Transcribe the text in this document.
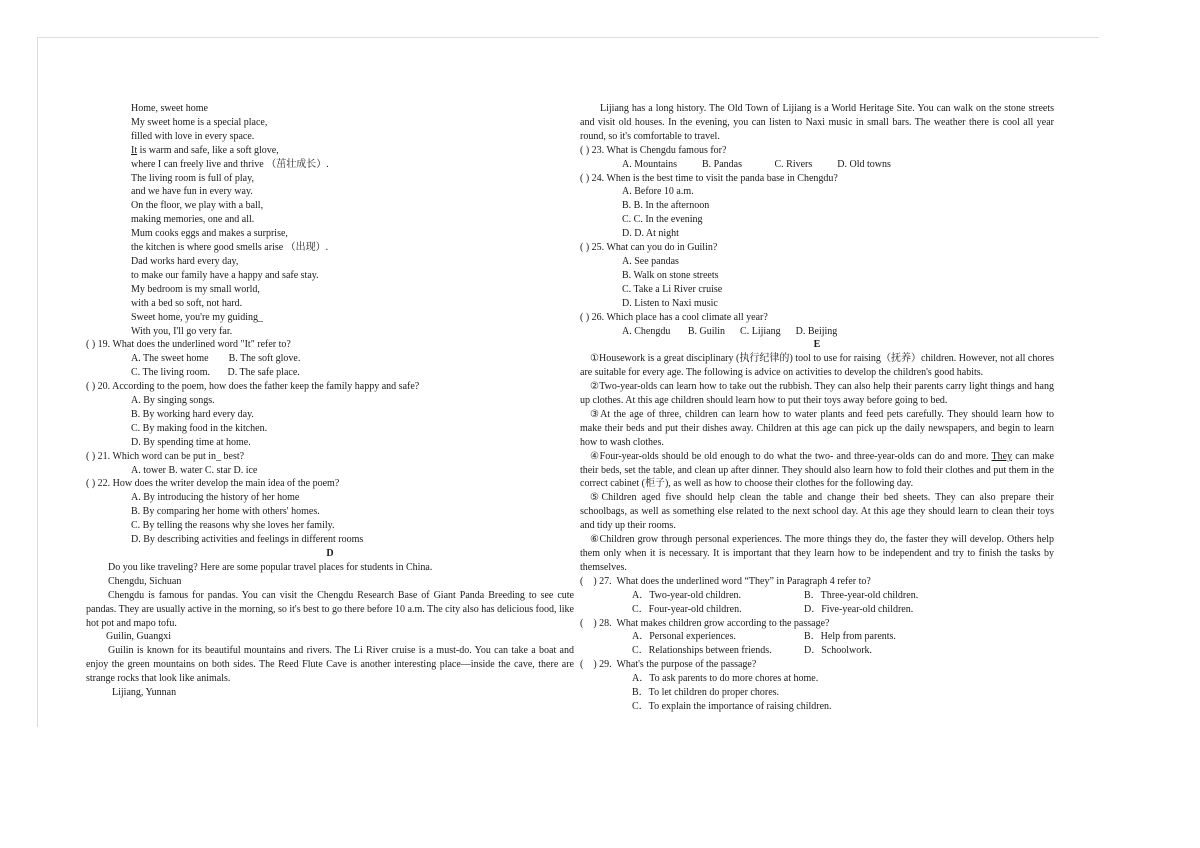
Home, sweet home
My sweet home is a special place,
filled with love in every space.
It is warm and safe, like a soft glove,
where I can freely live and thrive （茁壮成长）.
The living room is full of play,
and we have fun in every way.
On the floor, we play with a ball,
making memories, one and all.
Mum cooks eggs and makes a surprise,
the kitchen is where good smells arise （出现）.
Dad works hard every day,
to make our family have a happy and safe stay.
My bedroom is my small world,
with a bed so soft, not hard.
Sweet home, you're my guiding_
With you, I'll go very far.
( ) 19. What does the underlined word "It" refer to?
A. The sweet home        B. The soft glove.
C. The living room.       D. The safe place.
( ) 20. According to the poem, how does the father keep the family happy and safe?
A. By singing songs.
B. By working hard every day.
C. By making food in the kitchen.
D. By spending time at home.
( ) 21. Which word can be put in_ best?
A. tower B. water C. star D. ice
( ) 22. How does the writer develop the main idea of the poem?
A. By introducing the history of her home
B. By comparing her home with others' homes.
C. By telling the reasons why she loves her family.
D. By describing activities and feelings in different rooms
D
Do you like traveling? Here are some popular travel places for students in China.
Chengdu, Sichuan
Chengdu is famous for pandas. You can visit the Chengdu Research Base of Giant Panda Breeding to see cute pandas. They are usually active in the morning, so it's best to go there before 10 a.m. The city also has delicious food, like hot pot and mapo tofu.
Guilin, Guangxi
Guilin is known for its beautiful mountains and rivers. The Li River cruise is a must-do. You can take a boat and enjoy the green mountains on both sides. The Reed Flute Cave is another interesting place—inside the cave, there are strange rocks that look like animals.
Lijiang, Yunnan
Lijiang has a long history. The Old Town of Lijiang is a World Heritage Site. You can walk on the stone streets and visit old houses. In the evening, you can listen to Naxi music in small bars. The weather there is cool all year round, so it's comfortable to travel.
( ) 23. What is Chengdu famous for?
A. Mountains          B. Pandas             C. Rivers          D. Old towns
( ) 24. When is the best time to visit the panda base in Chengdu?
A. Before 10 a.m.
B. B. In the afternoon
C. C. In the evening
D. D. At night
( ) 25. What can you do in Guilin?
A. See pandas
B. Walk on stone streets
C. Take a Li River cruise
D. Listen to Naxi music
( ) 26. Which place has a cool climate all year?
A. Chengdu       B. Guilin      C. Lijiang      D. Beijing
E
①Housework is a great disciplinary (执行纪律的) tool to use for raising（抚养）children. However, not all chores are suitable for every age. The following is advice on activities to develop the children's good habits.
②Two-year-olds can learn how to take out the rubbish. They can also help their parents carry light things and hang up clothes. At this age children should learn how to put their toys away before going to bed.
③At the age of three, children can learn how to water plants and feed pets carefully. They should learn how to make their beds and put their dishes away. Children at this age can pick up the daily newspapers, and begin to learn how to wash clothes.
④Four-year-olds should be old enough to do what the two- and three-year-olds can do and more. They can make their beds, set the table, and clean up after dinner. They should also learn how to fold their clothes and put them in the correct cabinet (柜子), as well as how to choose their clothes for the following day.
⑤Children aged five should help clean the table and change their bed sheets. They can also prepare their schoolbags, as well as something else related to the next school day. At this age they should learn to clean their toys and tidy up their rooms.
⑥Children grow through personal experiences. The more things they do, the faster they will develop. Others help them only when it is necessary. It is important that they learn how to be independent and try to finish the tasks by themselves.
(    ) 27.  What does the underlined word “They” in Paragraph 4 refer to?
A．Two-year-old children.	B．Three-year-old children.
C．Four-year-old children.	D．Five-year-old children.
(    ) 28.  What makes children grow according to the passage?
A．Personal experiences.	B．Help from parents.
C．Relationships between friends.	D．Schoolwork.
(    ) 29.  What's the purpose of the passage?
A．To ask parents to do more chores at home.
B．To let children do proper chores.
C．To explain the importance of raising children.
